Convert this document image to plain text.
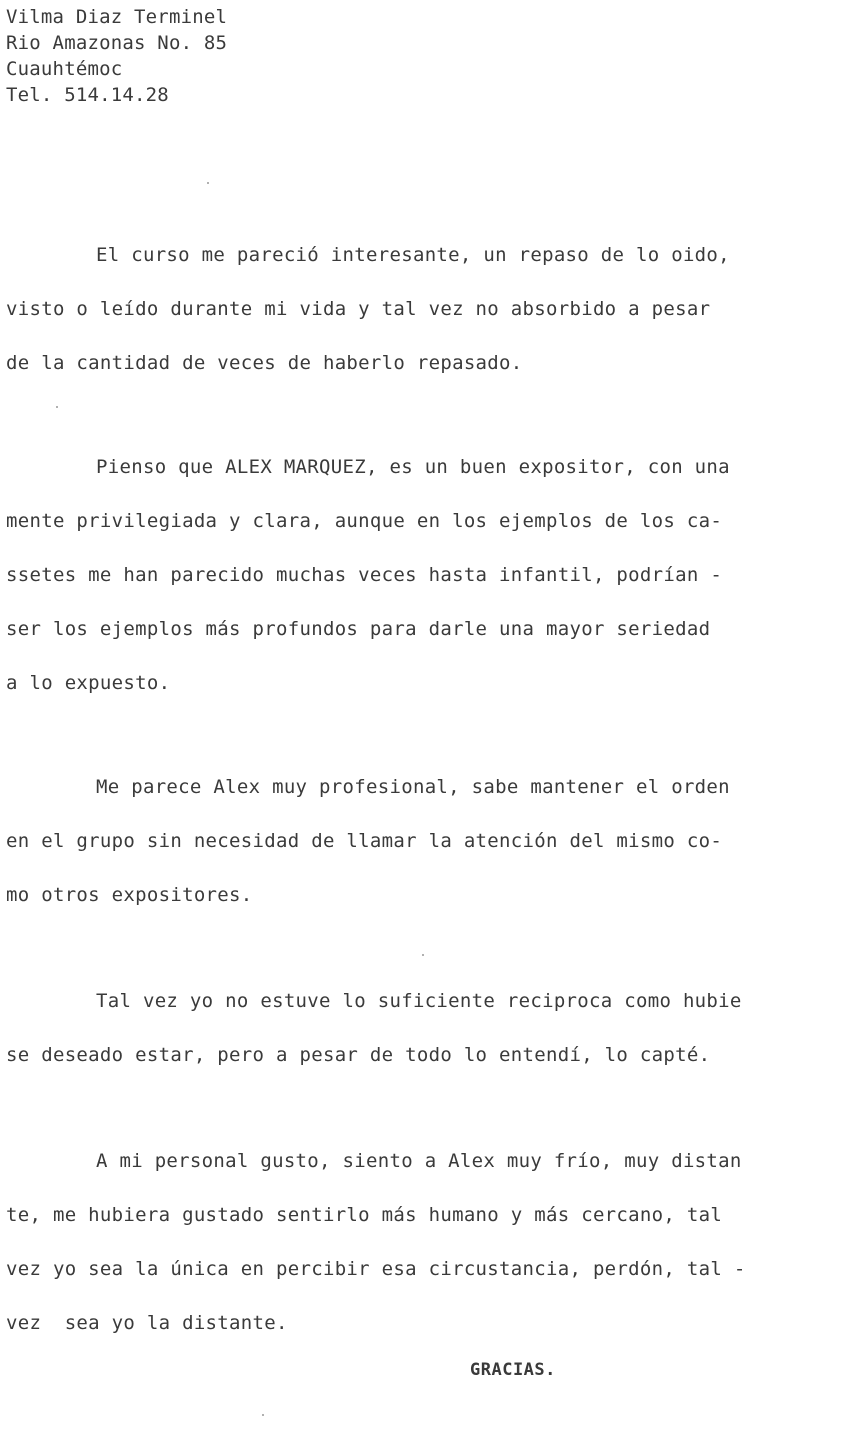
Vilma Diaz Terminel
Rio Amazonas No. 85
Cuauhtémoc
Tel. 514.14.28
El curso me pareció interesante, un repaso de lo oido,
visto o leído durante mi vida y tal vez no absorbido a pesar
de la cantidad de veces de haberlo repasado.
Pienso que ALEX MARQUEZ, es un buen expositor, con una
mente privilegiada y clara, aunque en los ejemplos de los ca-
ssetes me han parecido muchas veces hasta infantil, podrían -
ser los ejemplos más profundos para darle una mayor seriedad
a lo expuesto.
Me parece Alex muy profesional, sabe mantener el orden
en el grupo sin necesidad de llamar la atención del mismo co-
mo otros expositores.
Tal vez yo no estuve lo suficiente reciproca como hubie
se deseado estar, pero a pesar de todo lo entendí, lo capté.
A mi personal gusto, siento a Alex muy frío, muy distan
te, me hubiera gustado sentirlo más humano y más cercano, tal
vez yo sea la única en percibir esa circustancia, perdón, tal -
vez  sea yo la distante.
GRACIAS.
